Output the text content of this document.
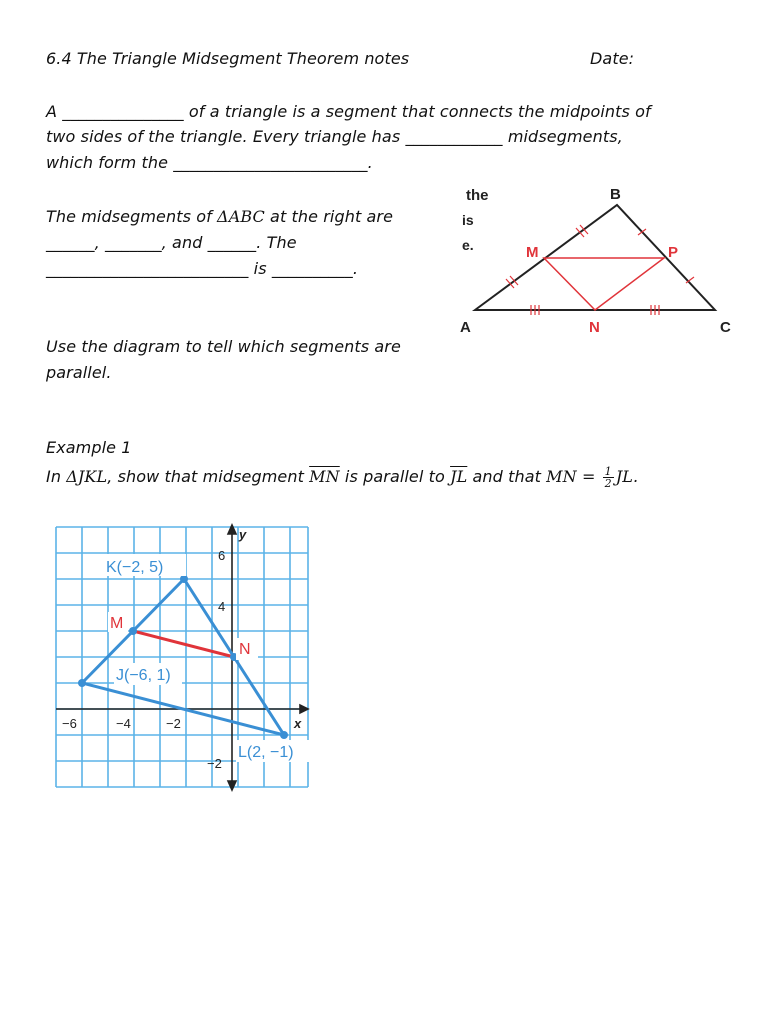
6.4 The Triangle Midsegment Theorem notes	Date:
A _______________ of a triangle is a segment that connects the midpoints of
two sides of the triangle. Every triangle has ____________ midsegments,
which form the ________________________.
The midsegments of ΔABC at the right are
______, _______, and ______. The
_________________________ is __________.
Use the diagram to tell which segments are
parallel.
the
is
e.
B
A	C
M
N
P
Example 1
In ΔJKL, show that midsegment $\overline{MN}$ is parallel to $\overline{JL}$ and that MN = $\frac{1}{2}$ JL.
y
x
6
4
−2
−6	−4	−2
K(−2, 5)
M
N
J(−6, 1)
L(2, −1)
